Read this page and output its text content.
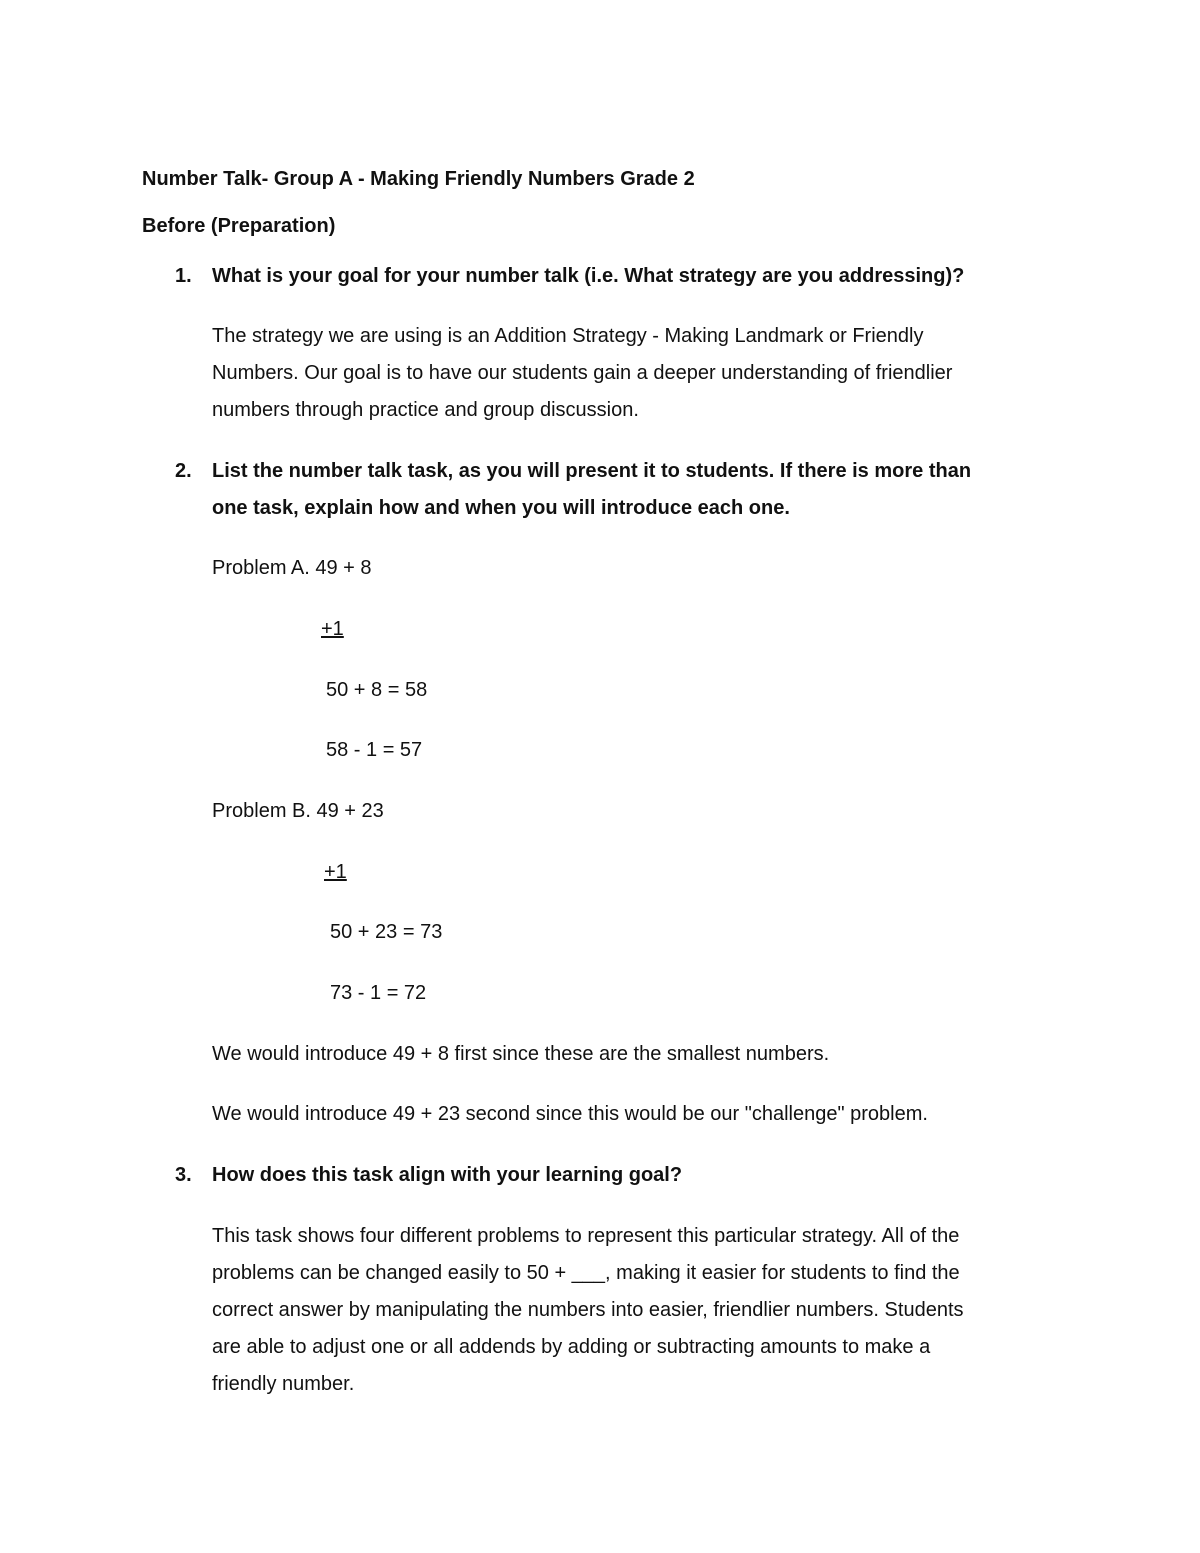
Number Talk- Group A - Making Friendly Numbers Grade 2
Before (Preparation)
1. What is your goal for your number talk (i.e. What strategy are you addressing)?
The strategy we are using is an Addition Strategy - Making Landmark or Friendly
Numbers. Our goal is to have our students gain a deeper understanding of friendlier
numbers through practice and group discussion.
2. List the number talk task, as you will present it to students. If there is more than
one task, explain how and when you will introduce each one.
Problem A. 49 + 8
+1
50 + 8 = 58
58 - 1 = 57
Problem B. 49 + 23
+1
50 + 23 = 73
73 - 1 = 72
We would introduce 49 + 8 first since these are the smallest numbers.
We would introduce 49 + 23 second since this would be our "challenge" problem.
3. How does this task align with your learning goal?
This task shows four different problems to represent this particular strategy. All of the
problems can be changed easily to 50 + ___, making it easier for students to find the
correct answer by manipulating the numbers into easier, friendlier numbers. Students
are able to adjust one or all addends by adding or subtracting amounts to make a
friendly number.
